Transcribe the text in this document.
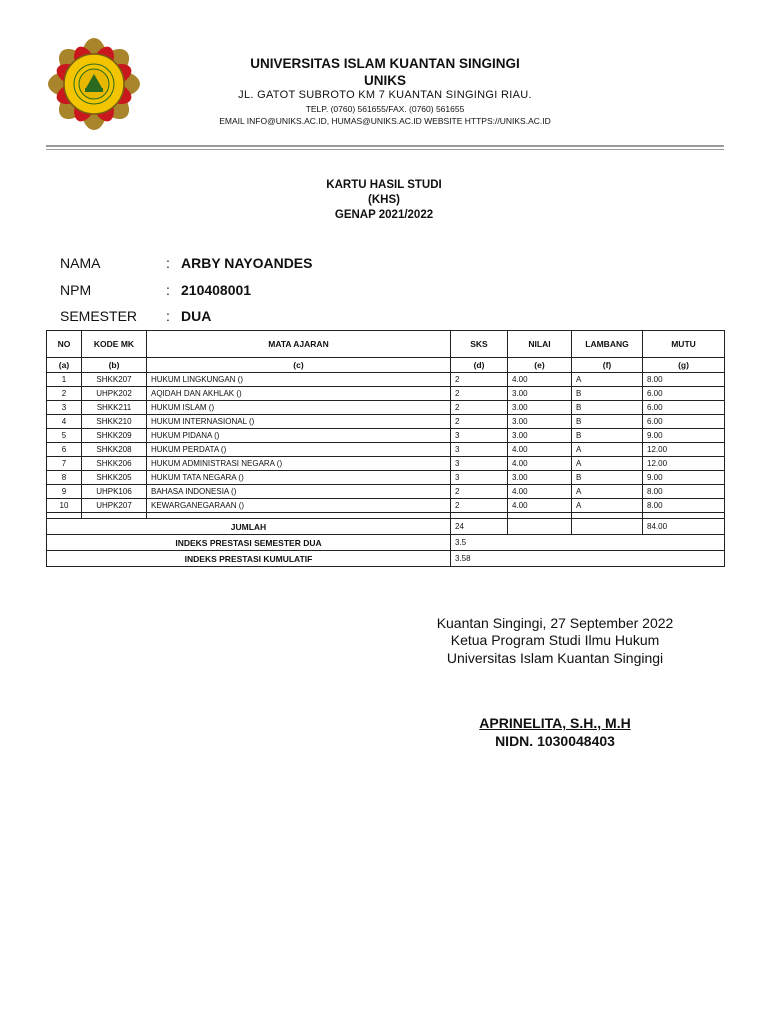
UNIVERSITAS ISLAM KUANTAN SINGINGI
UNIKS
JL. GATOT SUBROTO KM 7 KUANTAN SINGINGI RIAU.
TELP. (0760) 561655/FAX. (0760) 561655
EMAIL INFO@UNIKS.AC.ID, HUMAS@UNIKS.AC.ID WEBSITE HTTPS://UNIKS.AC.ID
KARTU HASIL STUDI
(KHS)
GENAP 2021/2022
NAMA	: ARBY NAYOANDES
NPM	: 210408001
SEMESTER : DUA
NO	KODE MK	MATA AJARAN	SKS	NILAI	LAMBANG	MUTU
(a)	(b)	(c)	(d)	(e)	(f)	(g)
1	SHKK207	HUKUM LINGKUNGAN ()	2	4.00	A	8.00
2	UHPK202	AQIDAH DAN AKHLAK ()	2	3.00	B	6.00
3	SHKK211	HUKUM ISLAM ()	2	3.00	B	6.00
4	SHKK210	HUKUM INTERNASIONAL ()	2	3.00	B	6.00
5	SHKK209	HUKUM PIDANA ()	3	3.00	B	9.00
6	SHKK208	HUKUM PERDATA ()	3	4.00	A	12.00
7	SHKK206	HUKUM ADMINISTRASI NEGARA ()	3	4.00	A	12.00
8	SHKK205	HUKUM TATA NEGARA ()	3	3.00	B	9.00
9	UHPK106	BAHASA INDONESIA ()	2	4.00	A	8.00
10	UHPK207	KEWARGANEGARAAN ()	2	4.00	A	8.00

JUMLAH			24			84.00
INDEKS PRESTASI SEMESTER DUA			3.5			
INDEKS PRESTASI KUMULATIF			3.58			
Kuantan Singingi, 27 September 2022
Ketua Program Studi Ilmu Hukum
Universitas Islam Kuantan Singingi
APRINELITA, S.H., M.H
NIDN. 1030048403
